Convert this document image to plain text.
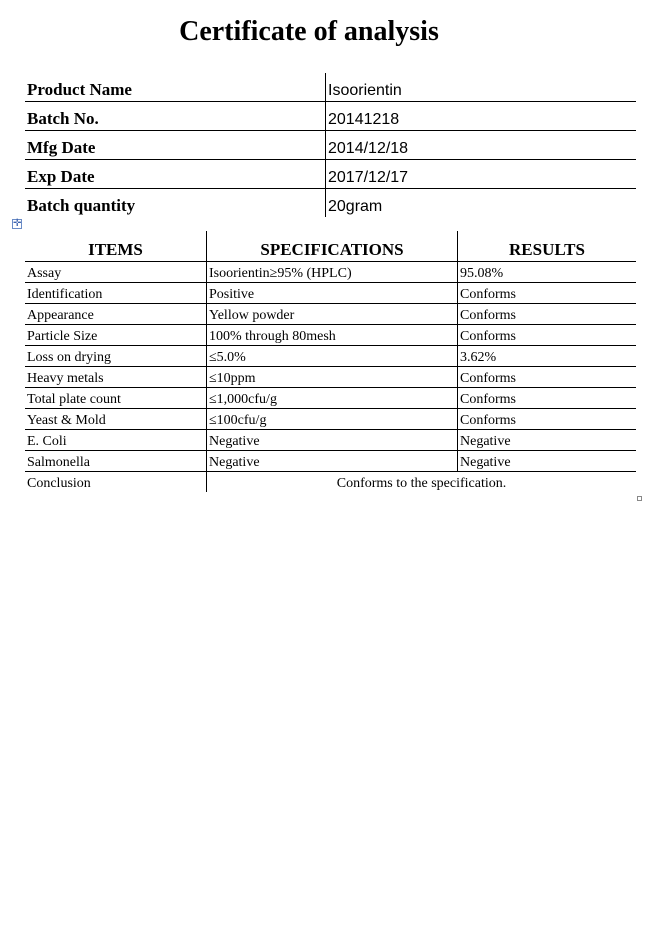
Certificate of analysis
Product Name	Isoorientin
Batch No.	20141218
Mfg Date	2014/12/18
Exp Date	2017/12/17
Batch quantity	20gram
✛
ITEMS	SPECIFICATIONS	RESULTS
Assay	Isoorientin≥95% (HPLC)	95.08%
Identification	Positive	Conforms
Appearance	Yellow powder	Conforms
Particle Size	100% through 80mesh	Conforms
Loss on drying	≤5.0%	3.62%
Heavy metals	≤10ppm	Conforms
Total plate count	≤1,000cfu/g	Conforms
Yeast & Mold	≤100cfu/g	Conforms
E. Coli	Negative	Negative
Salmonella	Negative	Negative
Conclusion	Conforms to the specification.	
